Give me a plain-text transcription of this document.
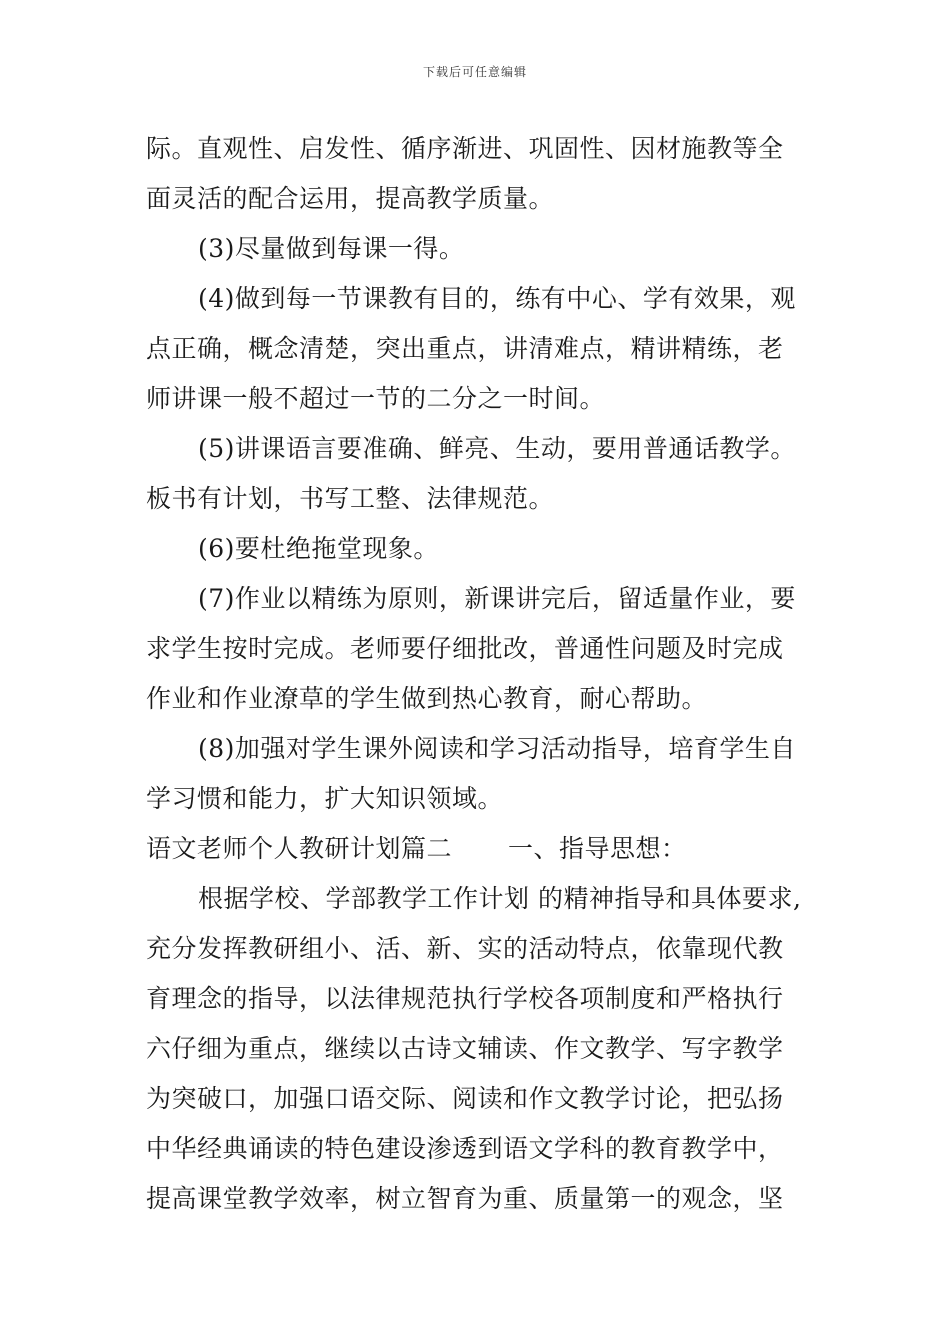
下载后可任意编辑
际。直观性、启发性、循序渐进、巩固性、因材施教等全
面灵活的配合运用，提高教学质量。
(3)尽量做到每课一得。
(4)做到每一节课教有目的，练有中心、学有效果，观
点正确，概念清楚，突出重点，讲清难点，精讲精练，老
师讲课一般不超过一节的二分之一时间。
(5)讲课语言要准确、鲜亮、生动，要用普通话教学。
板书有计划，书写工整、法律规范。
(6)要杜绝拖堂现象。
(7)作业以精练为原则，新课讲完后，留适量作业，要
求学生按时完成。老师要仔细批改，普通性问题及时完成
作业和作业潦草的学生做到热心教育，耐心帮助。
(8)加强对学生课外阅读和学习活动指导，培育学生自
学习惯和能力，扩大知识领域。
语文老师个人教研计划篇二 一、指导思想：
根据学校、学部教学工作计划 的精神指导和具体要求,
充分发挥教研组小、活、新、实的活动特点，依靠现代教
育理念的指导，以法律规范执行学校各项制度和严格执行
六仔细为重点，继续以古诗文辅读、作文教学、写字教学
为突破口，加强口语交际、阅读和作文教学讨论，把弘扬
中华经典诵读的特色建设渗透到语文学科的教育教学中，
提高课堂教学效率，树立智育为重、质量第一的观念，坚
